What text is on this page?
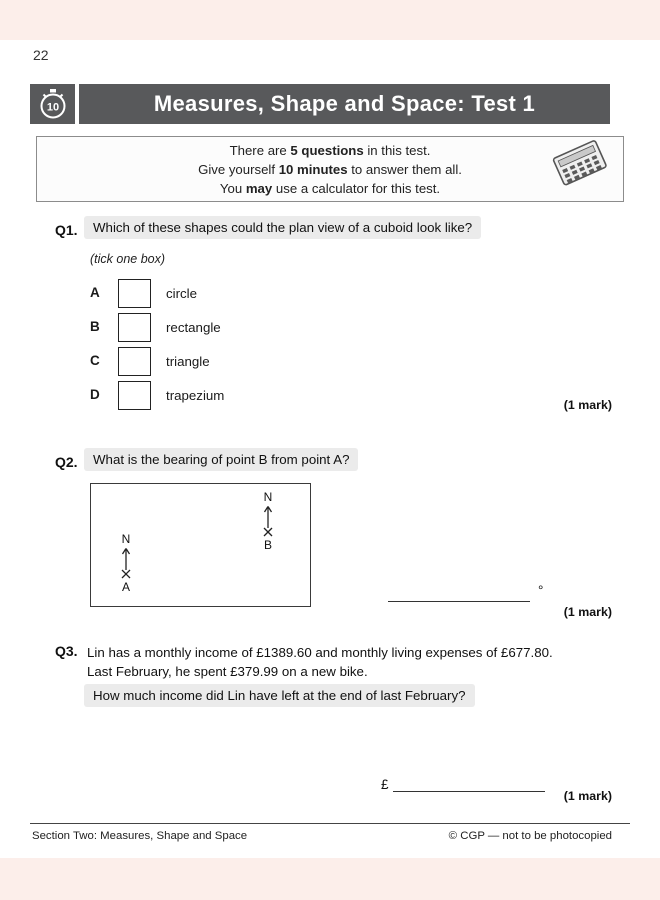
22
10	Measures, Shape and Space: Test 1
There are 5 questions in this test.
Give yourself 10 minutes to answer them all.
You may use a calculator for this test.
Q1.	Which of these shapes could the plan view of a cuboid look like?
(tick one box)
A	circle
B	rectangle
C	triangle
D	trapezium
(1 mark)
Q2.	What is the bearing of point B from point A?
N
B
N
A	°
(1 mark)
Q3. Lin has a monthly income of £1389.60 and monthly living expenses of £677.80.
Last February, he spent £379.99 on a new bike.
How much income did Lin have left at the end of last February?
£
(1 mark)
Section Two: Measures, Shape and Space	© CGP — not to be photocopied
